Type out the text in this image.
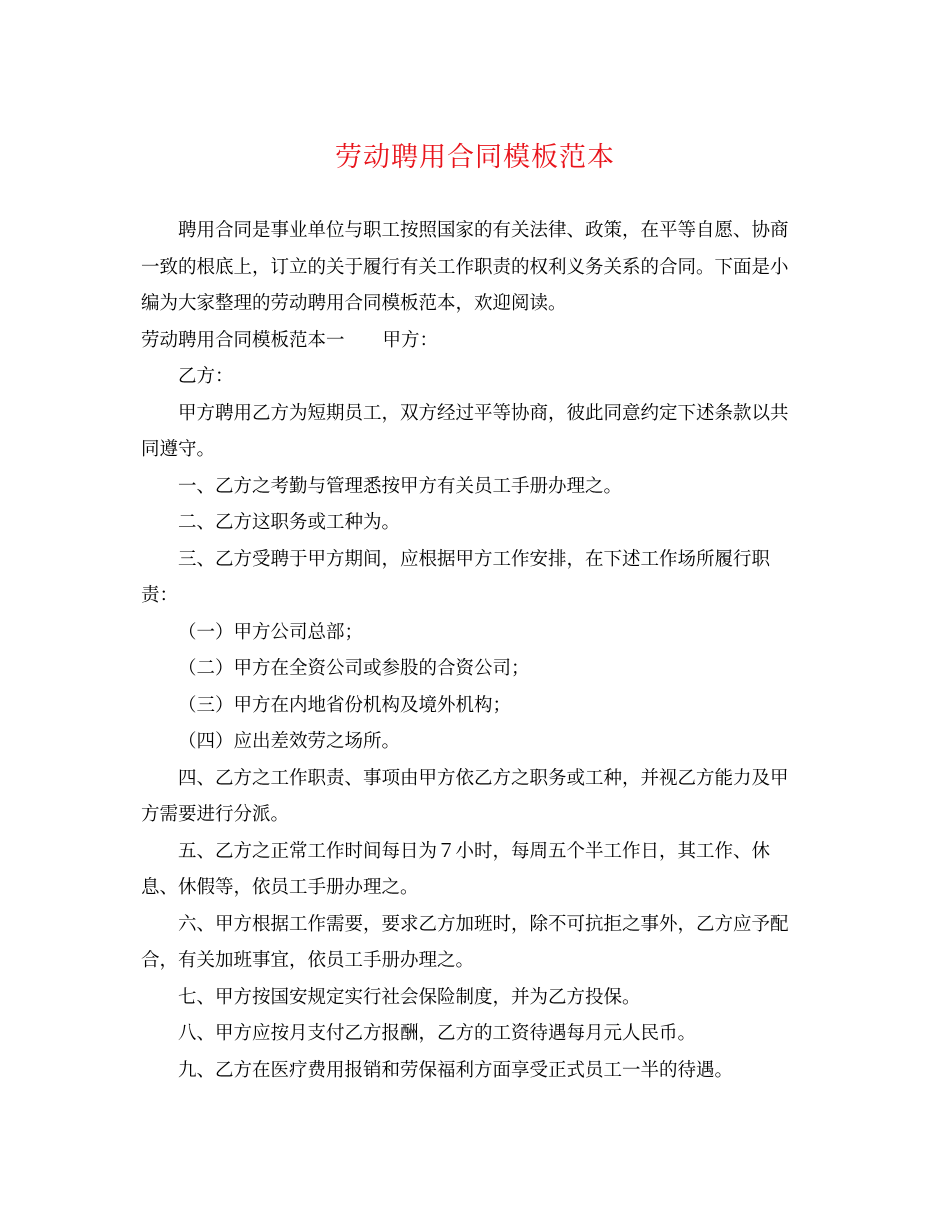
劳动聘用合同模板范本

聘用合同是事业单位与职工按照国家的有关法律、政策，在平等自愿、协商一致的根底上，订立的关于履行有关工作职责的权利义务关系的合同。下面是小编为大家整理的劳动聘用合同模板范本，欢迎阅读。

劳动聘用合同模板范本一 甲方：

乙方：

甲方聘用乙方为短期员工，双方经过平等协商，彼此同意约定下述条款以共同遵守。

一、乙方之考勤与管理悉按甲方有关员工手册办理之。

二、乙方这职务或工种为。

三、乙方受聘于甲方期间，应根据甲方工作安排，在下述工作场所履行职责：

（一）甲方公司总部；

（二）甲方在全资公司或参股的合资公司；

（三）甲方在内地省份机构及境外机构；

（四）应出差效劳之场所。

四、乙方之工作职责、事项由甲方依乙方之职务或工种，并视乙方能力及甲方需要进行分派。

五、乙方之正常工作时间每日为７小时，每周五个半工作日，其工作、休息、休假等，依员工手册办理之。

六、甲方根据工作需要，要求乙方加班时，除不可抗拒之事外，乙方应予配合，有关加班事宜，依员工手册办理之。

七、甲方按国安规定实行社会保险制度，并为乙方投保。

八、甲方应按月支付乙方报酬，乙方的工资待遇每月元人民币。

九、乙方在医疗费用报销和劳保福利方面享受正式员工一半的待遇。
